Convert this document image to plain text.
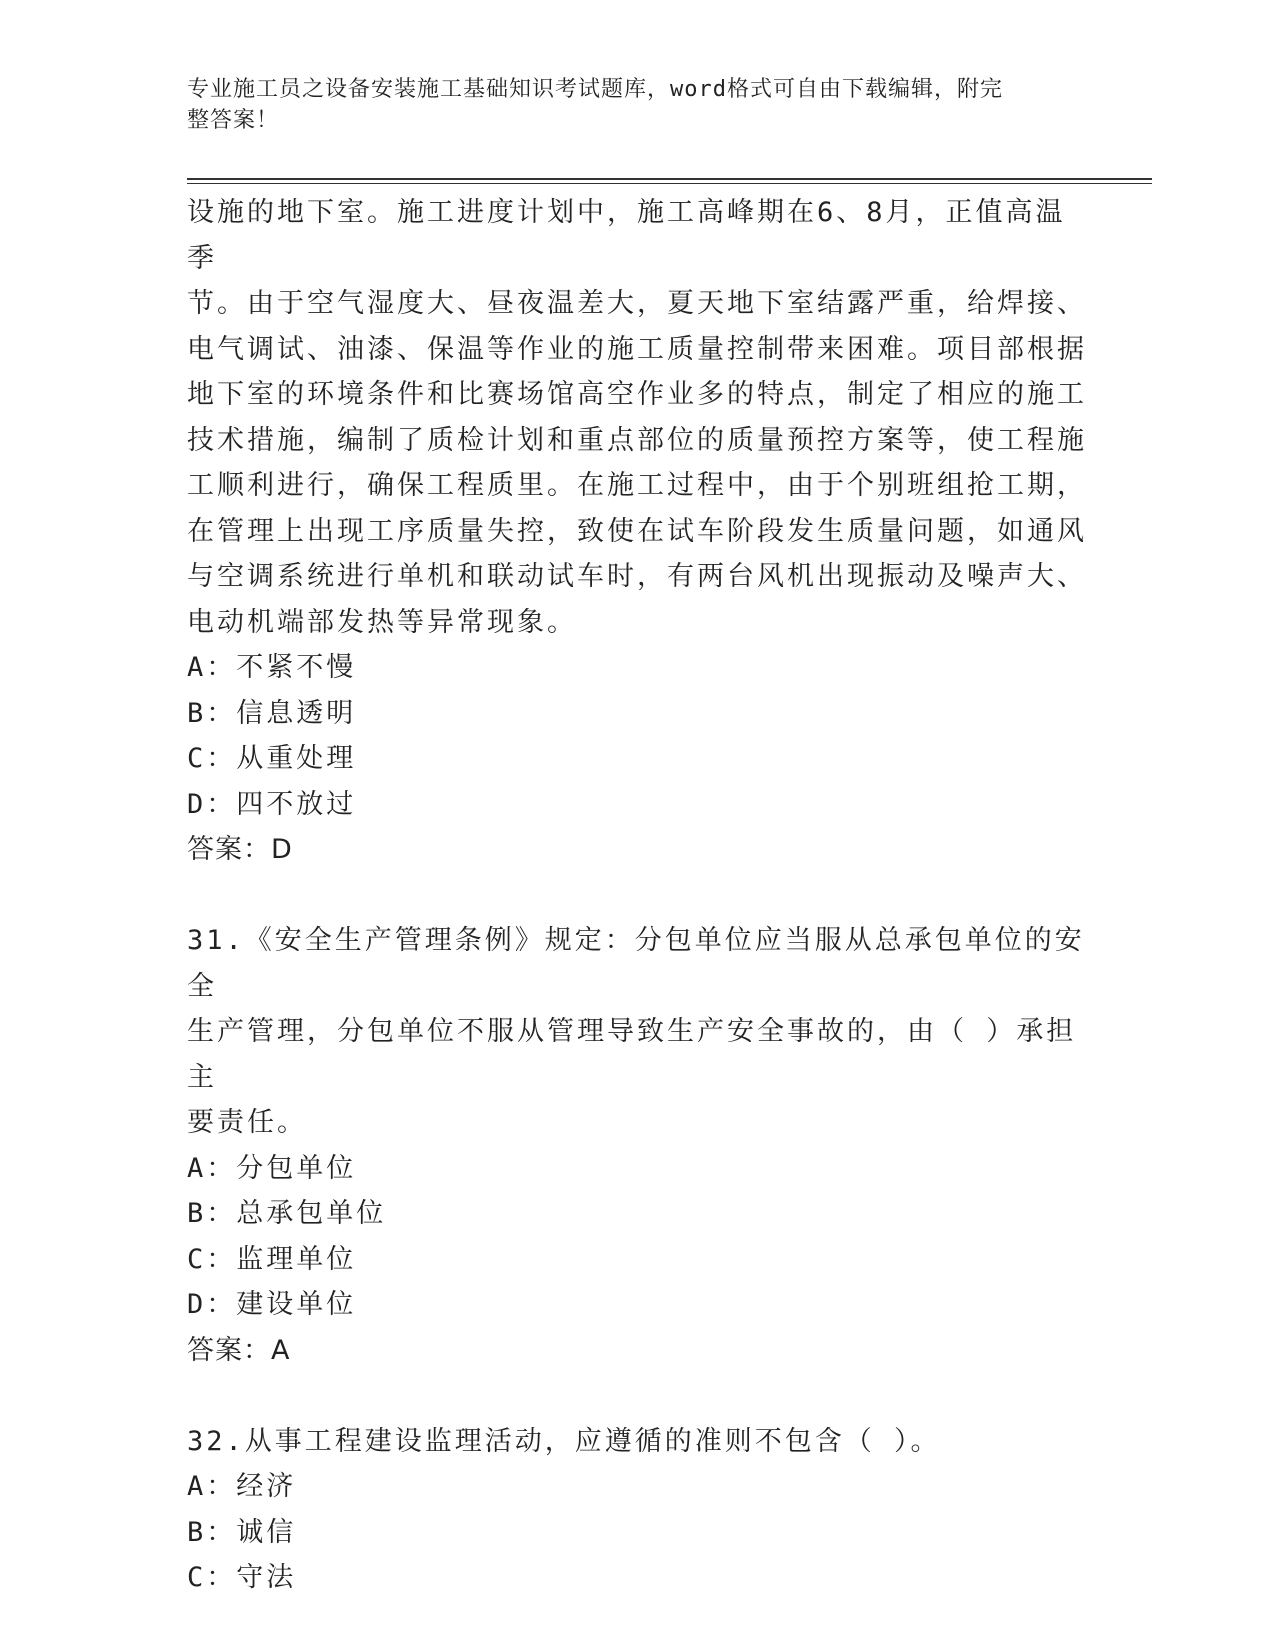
专业施工员之设备安装施工基础知识考试题库，word格式可自由下载编辑，附完
整答案！

设施的地下室。施工进度计划中，施工高峰期在6、8月，正值高温季

节。由于空气湿度大、昼夜温差大，夏天地下室结露严重，给焊接、

电气调试、油漆、保温等作业的施工质量控制带来困难。项目部根据

地下室的环境条件和比赛场馆高空作业多的特点，制定了相应的施工

技术措施，编制了质检计划和重点部位的质量预控方案等，使工程施

工顺利进行，确保工程质里。在施工过程中，由于个别班组抢工期，

在管理上出现工序质量失控，致使在试车阶段发生质量问题，如通风

与空调系统进行单机和联动试车时，有两台风机出现振动及噪声大、

电动机端部发热等异常现象。

A：不紧不慢

B：信息透明

C：从重处理

D：四不放过

答案：D

31.《安全生产管理条例》规定：分包单位应当服从总承包单位的安全

生产管理，分包单位不服从管理导致生产安全事故的，由（ ）承担主

要责任。

A：分包单位

B：总承包单位

C：监理单位

D：建设单位

答案：A

32.从事工程建设监理活动，应遵循的准则不包含（ ）。

A：经济

B：诚信

C：守法
